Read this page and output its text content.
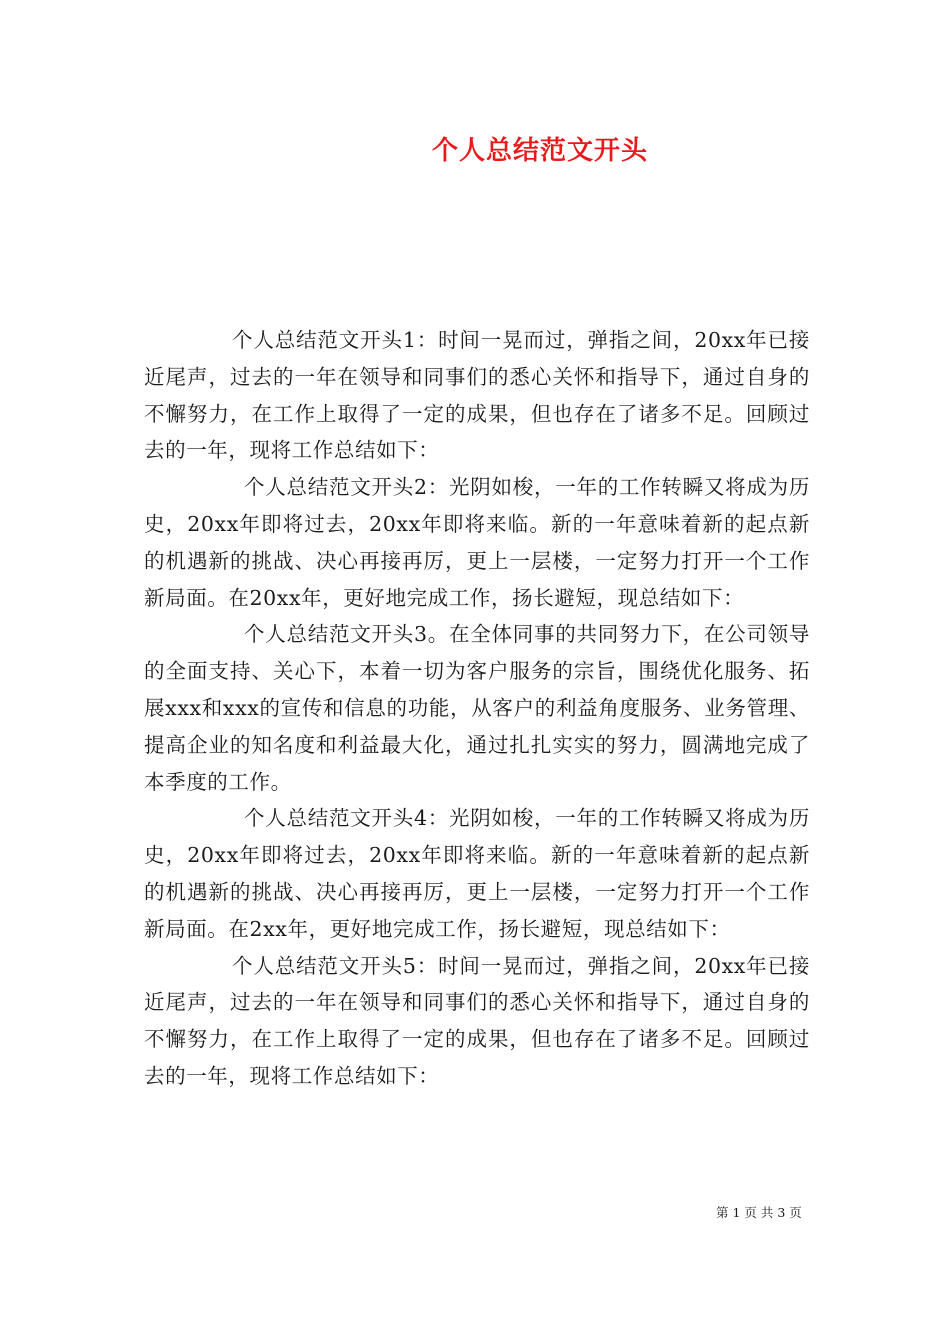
个人总结范文开头

个人总结范文开头1：时间一晃而过，弹指之间，20xx年已接近尾声，过去的一年在领导和同事们的悉心关怀和指导下，通过自身的不懈努力，在工作上取得了一定的成果，但也存在了诸多不足。回顾过去的一年，现将工作总结如下：

个人总结范文开头2：光阴如梭，一年的工作转瞬又将成为历史，20xx年即将过去，20xx年即将来临。新的一年意味着新的起点新的机遇新的挑战、决心再接再厉，更上一层楼，一定努力打开一个工作新局面。在20xx年，更好地完成工作，扬长避短，现总结如下：

个人总结范文开头3。在全体同事的共同努力下，在公司领导的全面支持、关心下，本着一切为客户服务的宗旨，围绕优化服务、拓展xxx和xxx的宣传和信息的功能，从客户的利益角度服务、业务管理、提高企业的知名度和利益最大化，通过扎扎实实的努力，圆满地完成了本季度的工作。

个人总结范文开头4：光阴如梭，一年的工作转瞬又将成为历史，20xx年即将过去，20xx年即将来临。新的一年意味着新的起点新的机遇新的挑战、决心再接再厉，更上一层楼，一定努力打开一个工作新局面。在2xx年，更好地完成工作，扬长避短，现总结如下：

个人总结范文开头5：时间一晃而过，弹指之间，20xx年已接近尾声，过去的一年在领导和同事们的悉心关怀和指导下，通过自身的不懈努力，在工作上取得了一定的成果，但也存在了诸多不足。回顾过去的一年，现将工作总结如下：

第 1 页 共 3 页
